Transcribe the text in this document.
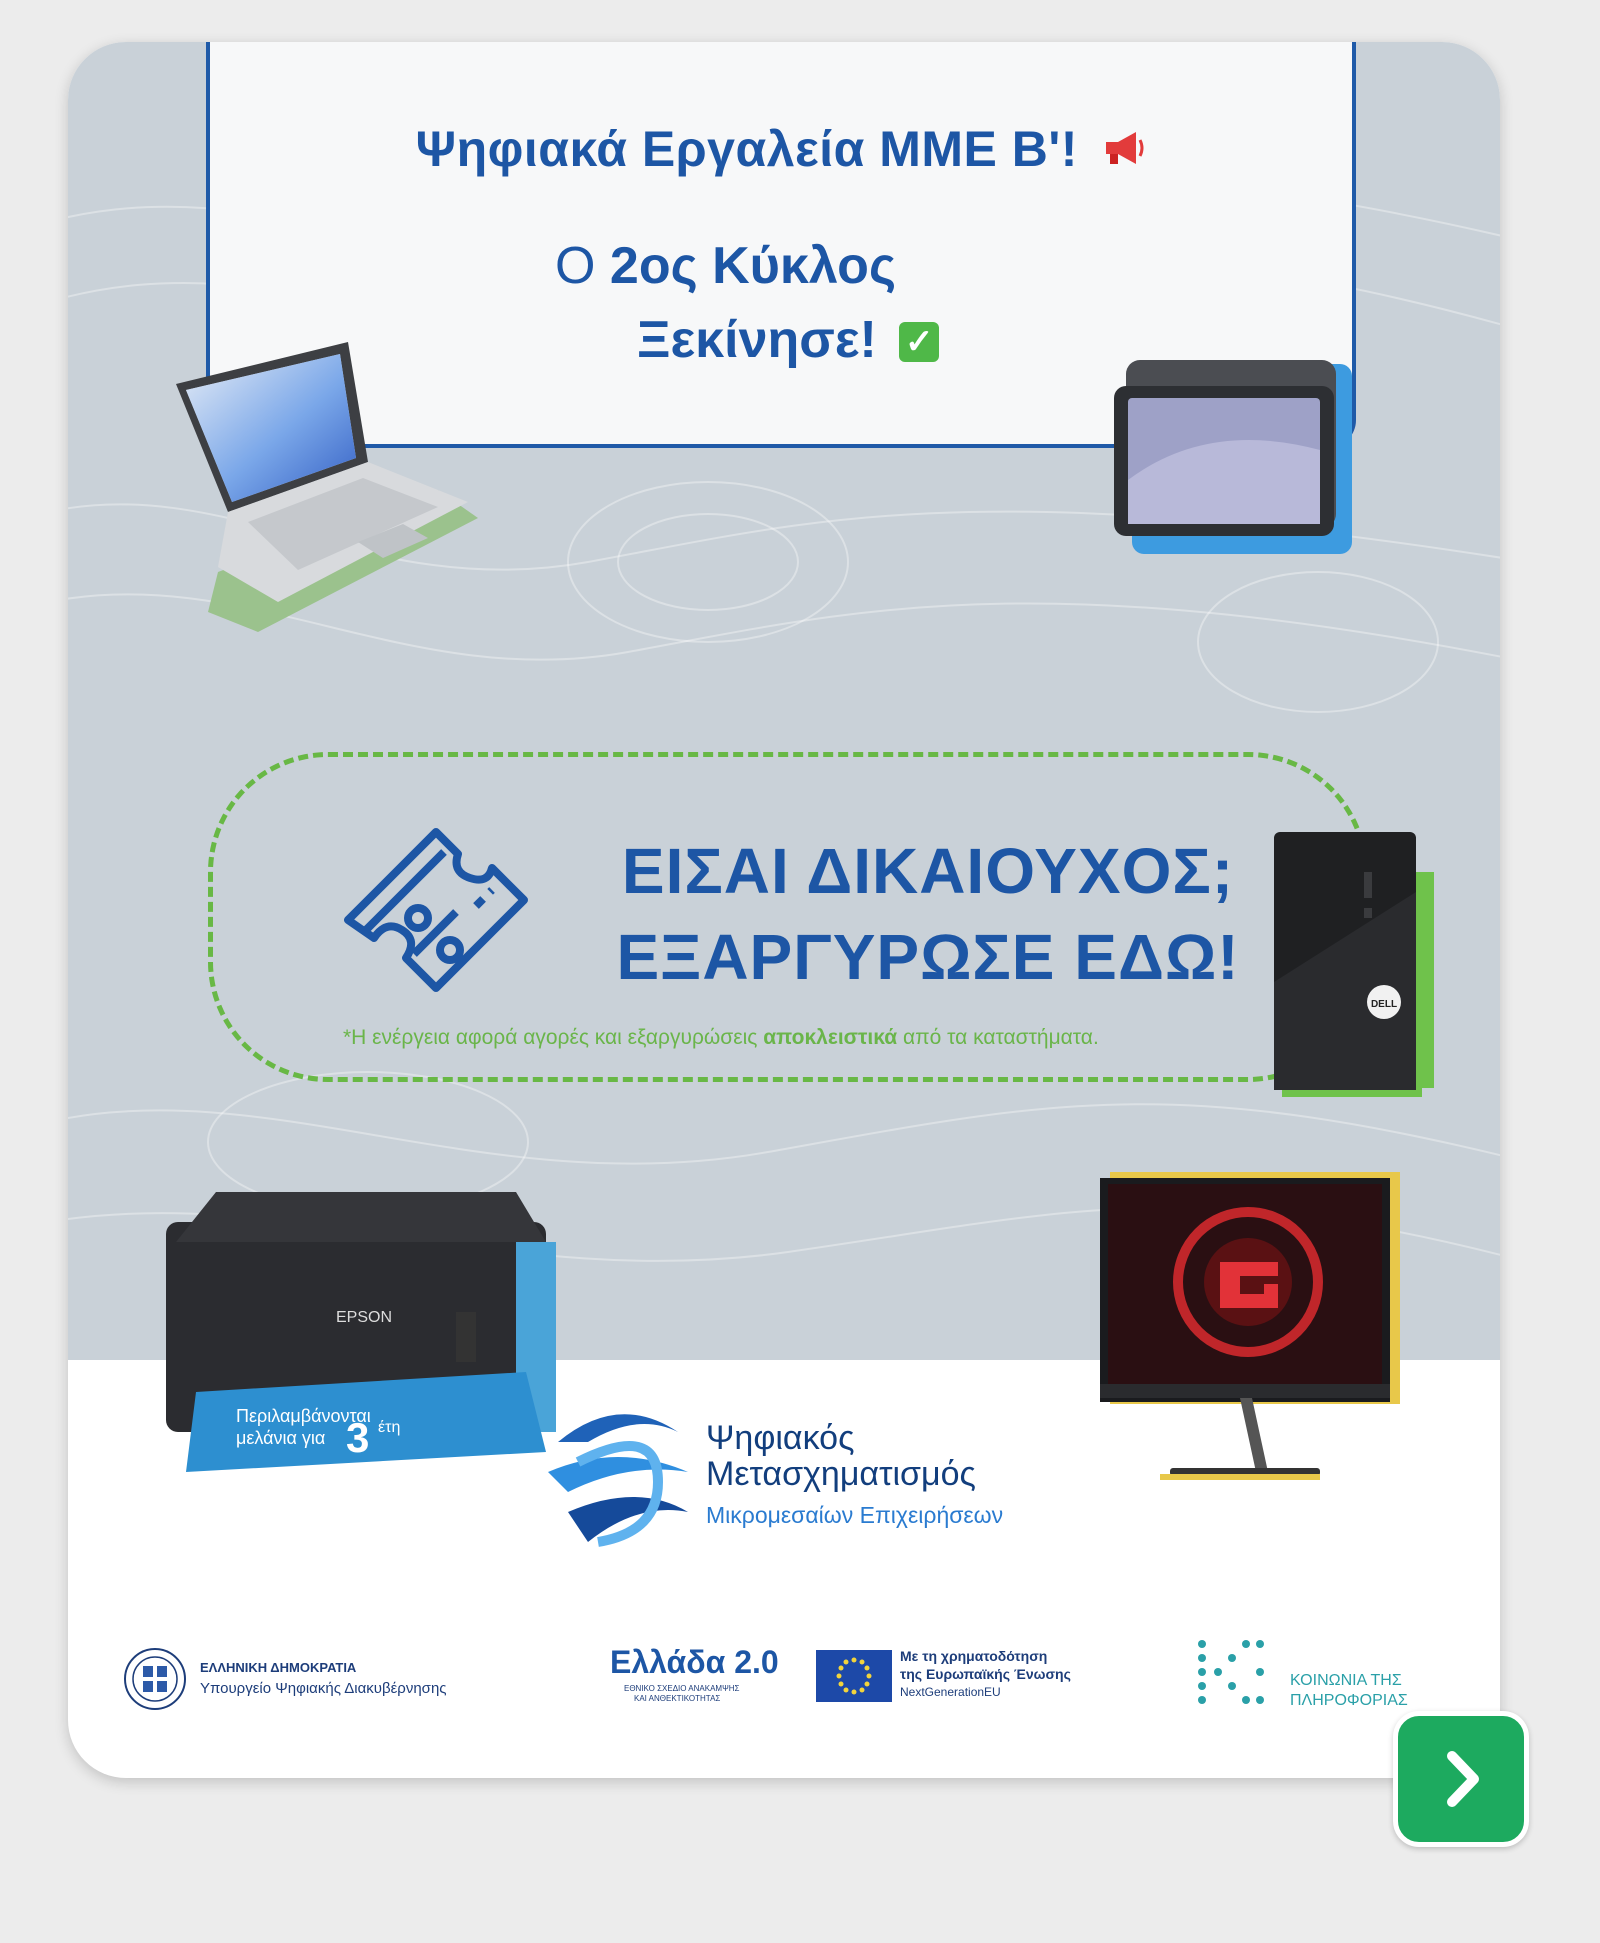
Ψηφιακά Εργαλεία ΜΜΕ Β'!
Ο 2ος Κύκλος
Ξεκίνησε! ✓
ΕΙΣΑΙ ΔΙΚΑΙΟΥΧΟΣ;
ΕΞΑΡΓΥΡΩΣΕ ΕΔΩ!
*Η ενέργεια αφορά αγορές και εξαργυρώσεις αποκλειστικά από τα καταστήματα.
DELL
EPSON
Περιλαμβάνονται
μελάνια για 3 έτη	Ψηφιακός
Μετασχηματισμός
Μικρομεσαίων Επιχειρήσεων
ΕΛΛΗΝΙΚΗ ΔΗΜΟΚΡΑΤΙΑ
Υπουργείο Ψηφιακής Διακυβέρνησης
Ελλάδα 2.0
ΕΘΝΙΚΟ ΣΧΕΔΙΟ ΑΝΑΚΑΜΨΗΣ
ΚΑΙ ΑΝΘΕΚΤΙΚΟΤΗΤΑΣ
Με τη χρηματοδότηση
της Ευρωπαϊκής Ένωσης
NextGenerationEU
ΚΟΙΝΩΝΙΑ ΤΗΣ
ΠΛΗΡΟΦΟΡΙΑΣ
